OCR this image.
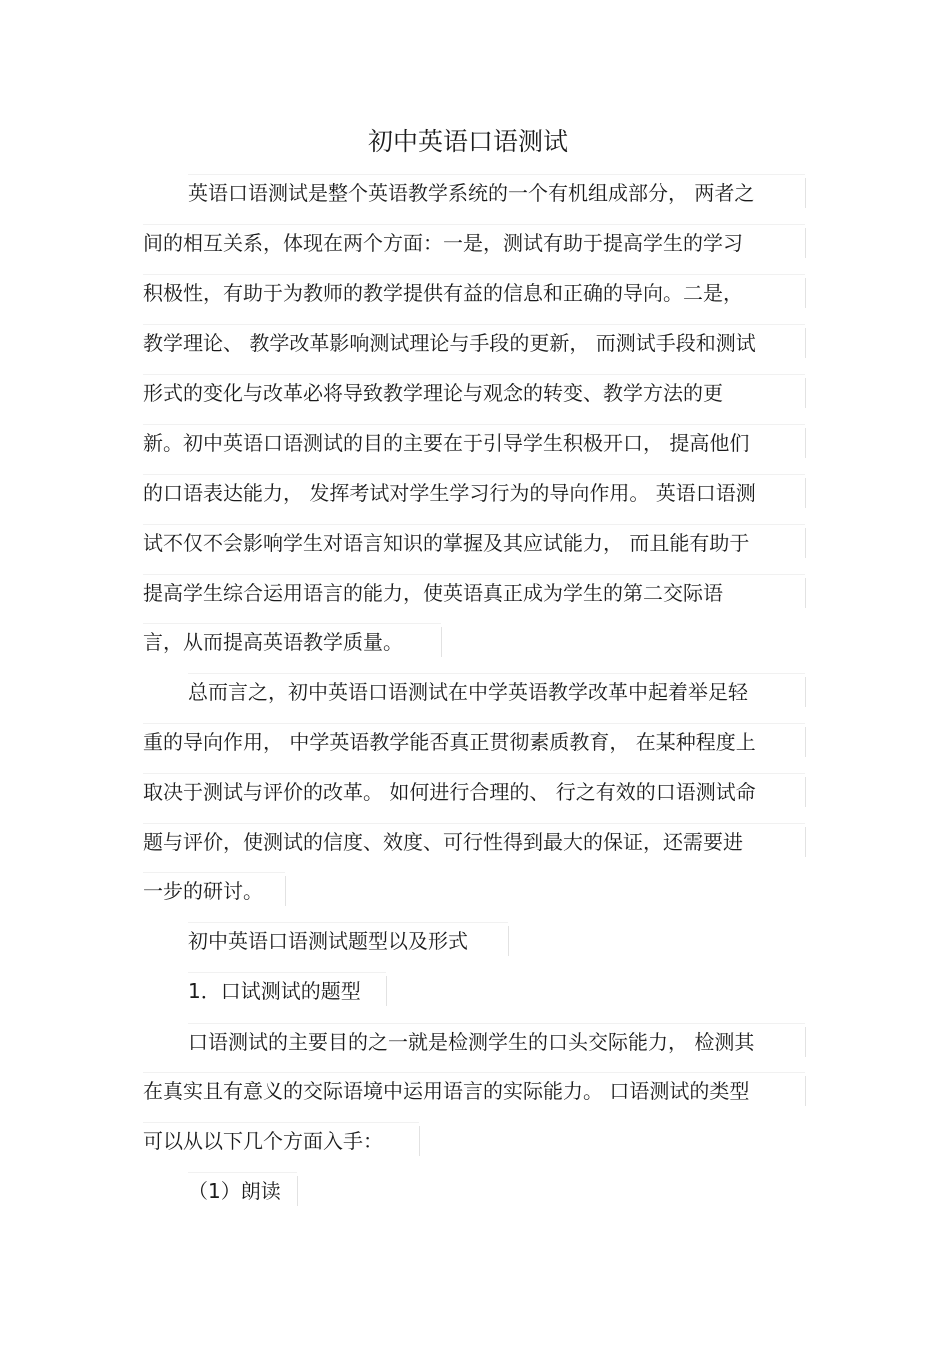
初中英语口语测试
英语口语测试是整个英语教学系统的一个有机组成部分， 两者之
间的相互关系，体现在两个方面：一是，测试有助于提高学生的学习
积极性，有助于为教师的教学提供有益的信息和正确的导向。二是，
教学理论、 教学改革影响测试理论与手段的更新， 而测试手段和测试
形式的变化与改革必将导致教学理论与观念的转变、教学方法的更
新。初中英语口语测试的目的主要在于引导学生积极开口， 提高他们
的口语表达能力， 发挥考试对学生学习行为的导向作用。 英语口语测
试不仅不会影响学生对语言知识的掌握及其应试能力， 而且能有助于
提高学生综合运用语言的能力，使英语真正成为学生的第二交际语
言，从而提高英语教学质量。
总而言之，初中英语口语测试在中学英语教学改革中起着举足轻
重的导向作用， 中学英语教学能否真正贯彻素质教育， 在某种程度上
取决于测试与评价的改革。 如何进行合理的、 行之有效的口语测试命
题与评价，使测试的信度、效度、可行性得到最大的保证，还需要进
一步的研讨。
初中英语口语测试题型以及形式
1．口试测试的题型
口语测试的主要目的之一就是检测学生的口头交际能力， 检测其
在真实且有意义的交际语境中运用语言的实际能力。 口语测试的类型
可以从以下几个方面入手：
（1）朗读
